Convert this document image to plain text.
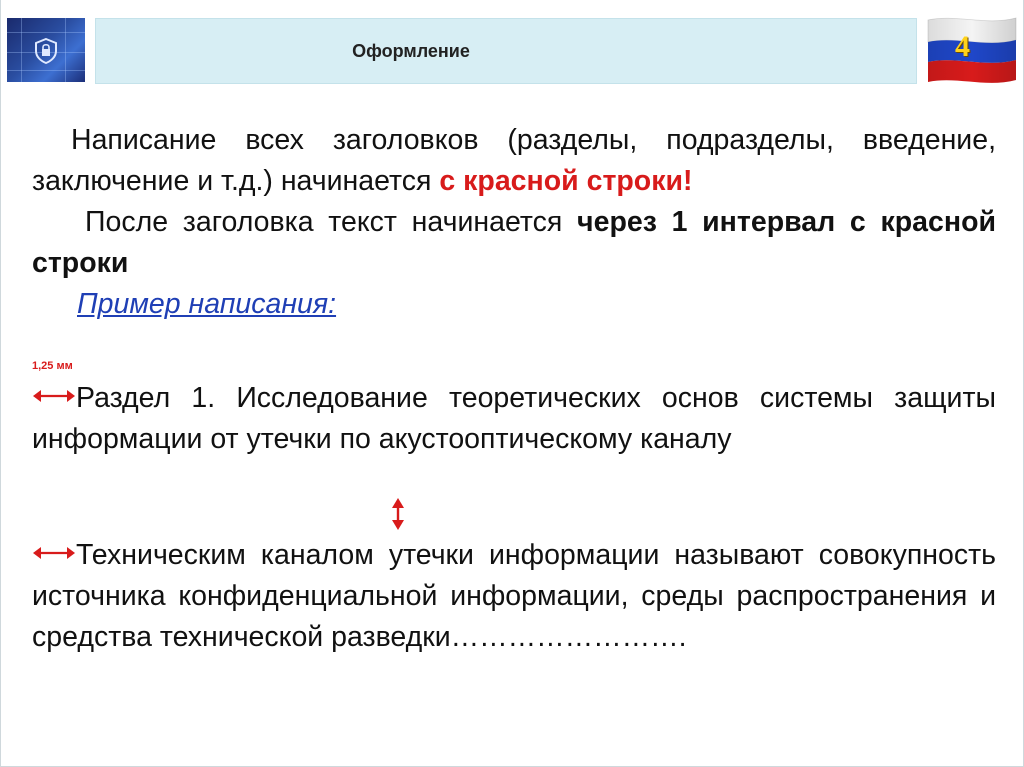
Оформление	4

Написание всех заголовков (разделы, подразделы, введение, заключение и т.д.) начинается с красной строки!

После заголовка текст начинается через 1 интервал с красной строки

Пример написания:

1,25 мм

Раздел 1. Исследование теоретических основ системы защиты информации от утечки по акустооптическому каналу

Техническим каналом утечки информации называют совокупность источника конфиденциальной информации, среды распространения и средства технической разведки…………………….
